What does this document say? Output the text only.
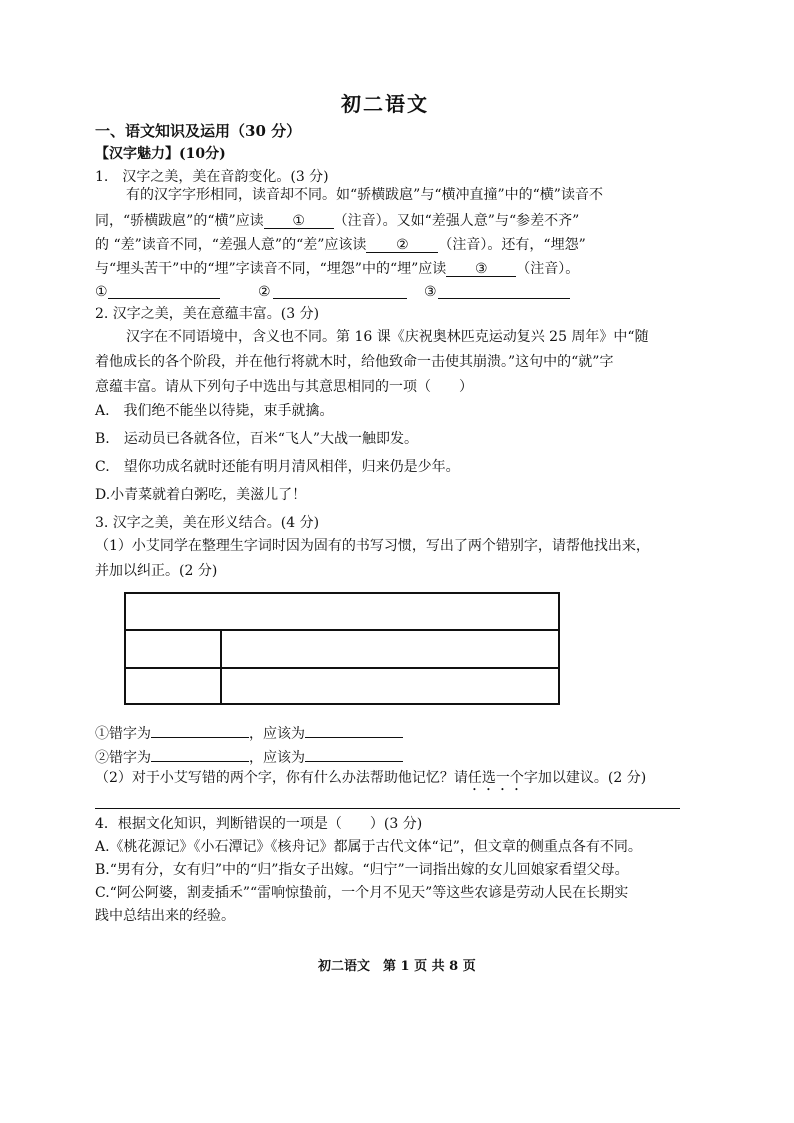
初二语文
一、语文知识及运用（30 分）
【汉字魅力】(10分)
1.　汉字之美，美在音韵变化。(3 分)
有的汉字字形相同，读音却不同。如“骄横跋扈”与“横冲直撞”中的“横”读音不
同，“骄横跋扈”的“横”应读 ① （注音）。又如“差强人意”与“参差不齐”
的 “差”读音不同，“差强人意”的“差”应该读 ② （注音）。还有，“埋怨”
与“埋头苦干”中的“埋”字读音不同，“埋怨”中的“埋”应读 ③ （注音）。
①	②	③
2. 汉字之美，美在意蕴丰富。(3 分)
汉字在不同语境中，含义也不同。第 16 课《庆祝奥林匹克运动复兴 25 周年》中“随
着他成长的各个阶段，并在他行将就木时，给他致命一击使其崩溃。”这句中的“就”字
意蕴丰富。请从下列句子中选出与其意思相同的一项（　　）
A.　我们绝不能坐以待毙，束手就擒。
B.　运动员已各就各位，百米“飞人”大战一触即发。
C.　望你功成名就时还能有明月清风相伴，归来仍是少年。
D.小青菜就着白粥吃，美滋儿了！
3. 汉字之美，美在形义结合。(4 分)
（1）小艾同学在整理生字词时因为固有的书写习惯，写出了两个错别字，请帮他找出来，
并加以纠正。(2 分)
①错字为	，应该为
②错字为	，应该为
（2）对于小艾写错的两个字，你有什么办法帮助他记忆？请任选一个字加以建议。(2 分)
4．根据文化知识，判断错误的一项是（　　）(3 分)
A.《桃花源记》《小石潭记》《核舟记》都属于古代文体“记”，但文章的侧重点各有不同。
B.“男有分，女有归”中的“归”指女子出嫁。“归宁”一词指出嫁的女儿回娘家看望父母。
C.“阿公阿婆，割麦插禾”“雷响惊蛰前，一个月不见天”等这些农谚是劳动人民在长期实
践中总结出来的经验。
初二语文　第 1 页 共 8 页
